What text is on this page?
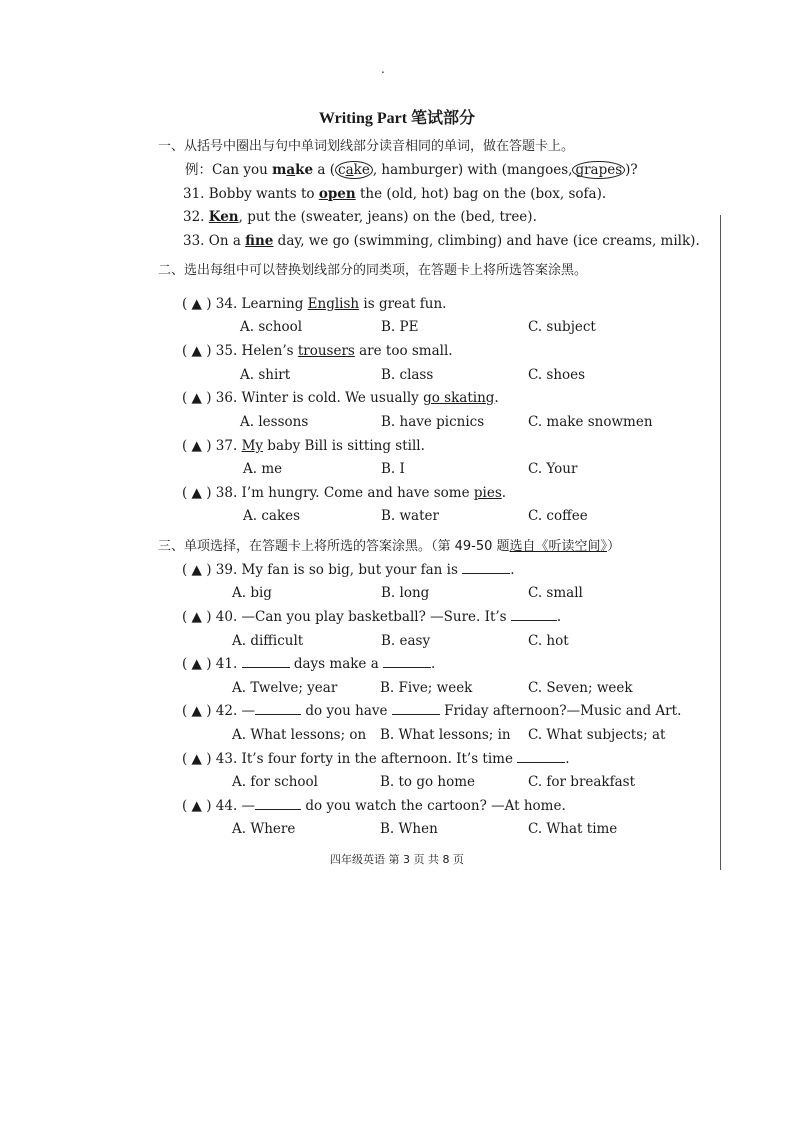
.
Writing Part 笔试部分
一、从括号中圈出与句中单词划线部分读音相同的单词，做在答题卡上。
例：Can you make a ( cake , hamburger) with (mangoes, grapes )?
31. Bobby wants to open the (old, hot) bag on the (box, sofa).
32. Ken, put the (sweater, jeans) on the (bed, tree).
33. On a fine day, we go (swimming, climbing) and have (ice creams, milk).
二、选出每组中可以替换划线部分的同类项，在答题卡上将所选答案涂黑。
( ▲ ) 34. Learning English is great fun.
A. school	B. PE	C. subject
( ▲ ) 35. Helen’s trousers are too small.
A. shirt	B. class	C. shoes
( ▲ ) 36. Winter is cold. We usually go skating.
A. lessons	B. have picnics	C. make snowmen
( ▲ ) 37. My baby Bill is sitting still.
A. me	B. I	C. Your
( ▲ ) 38. I’m hungry. Come and have some pies.
A. cakes	B. water	C. coffee
三、单项选择，在答题卡上将所选的答案涂黑。（第 49-50 题选自《听读空间》）
( ▲ ) 39. My fan is so big, but your fan is	.
A. big	B. long	C. small
( ▲ ) 40. —Can you play basketball? —Sure. It’s	.
A. difficult	B. easy	C. hot
( ▲ ) 41.	days make a	.
A. Twelve; year	B. Five; week	C. Seven; week
( ▲ ) 42. —	do you have	Friday afternoon?—Music and Art.
A. What lessons; on B. What lessons; in C. What subjects; at
( ▲ ) 43. It’s four forty in the afternoon. It’s time	.
A. for school	B. to go home	C. for breakfast
( ▲ ) 44. —	do you watch the cartoon? —At home.
A. Where	B. When	C. What time
四年级英语 第 3 页 共 8 页
